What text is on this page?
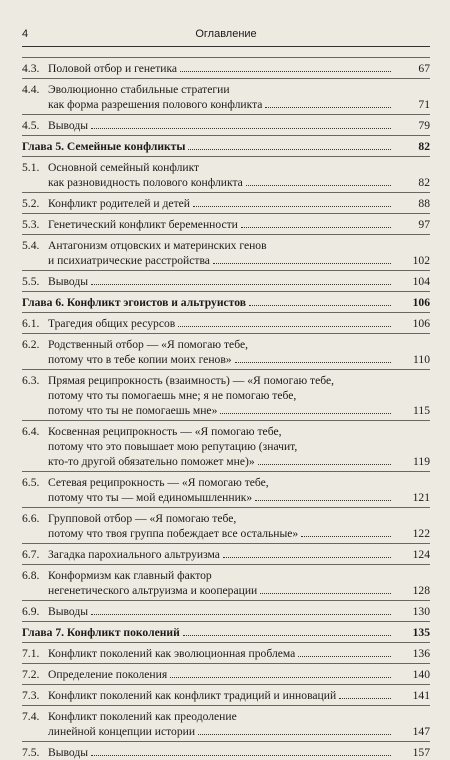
4	Оглавление
4.3. Половой отбор и генетика	67
4.4. Эволюционно стабильные стратегии
как форма разрешения полового конфликта	71
4.5. Выводы	79
Глава 5. Семейные конфликты	82
5.1. Основной семейный конфликт
как разновидность полового конфликта	82
5.2. Конфликт родителей и детей	88
5.3. Генетический конфликт беременности	97
5.4. Антагонизм отцовских и материнских генов
и психиатрические расстройства	102
5.5. Выводы	104
Глава 6. Конфликт эгоистов и альтруистов	106
6.1. Трагедия общих ресурсов	106
6.2. Родственный отбор — «Я помогаю тебе,
потому что в тебе копии моих генов»	110
6.3. Прямая реципрокность (взаимность) — «Я помогаю тебе,
потому что ты помогаешь мне; я не помогаю тебе,
потому что ты не помогаешь мне»	115
6.4. Косвенная реципрокность — «Я помогаю тебе,
потому что это повышает мою репутацию (значит,
кто-то другой обязательно поможет мне)»	119
6.5. Сетевая реципрокность — «Я помогаю тебе,
потому что ты — мой единомышленник»	121
6.6. Групповой отбор — «Я помогаю тебе,
потому что твоя группа побеждает все остальные»	122
6.7. Загадка парохиального альтруизма	124
6.8. Конформизм как главный фактор
негенетического альтруизма и кооперации	128
6.9. Выводы	130
Глава 7. Конфликт поколений	135
7.1. Конфликт поколений как эволюционная проблема	136
7.2. Определение поколения	140
7.3. Конфликт поколений как конфликт традиций и инноваций	141
7.4. Конфликт поколений как преодоление
линейной концепции истории	147
7.5. Выводы	157
